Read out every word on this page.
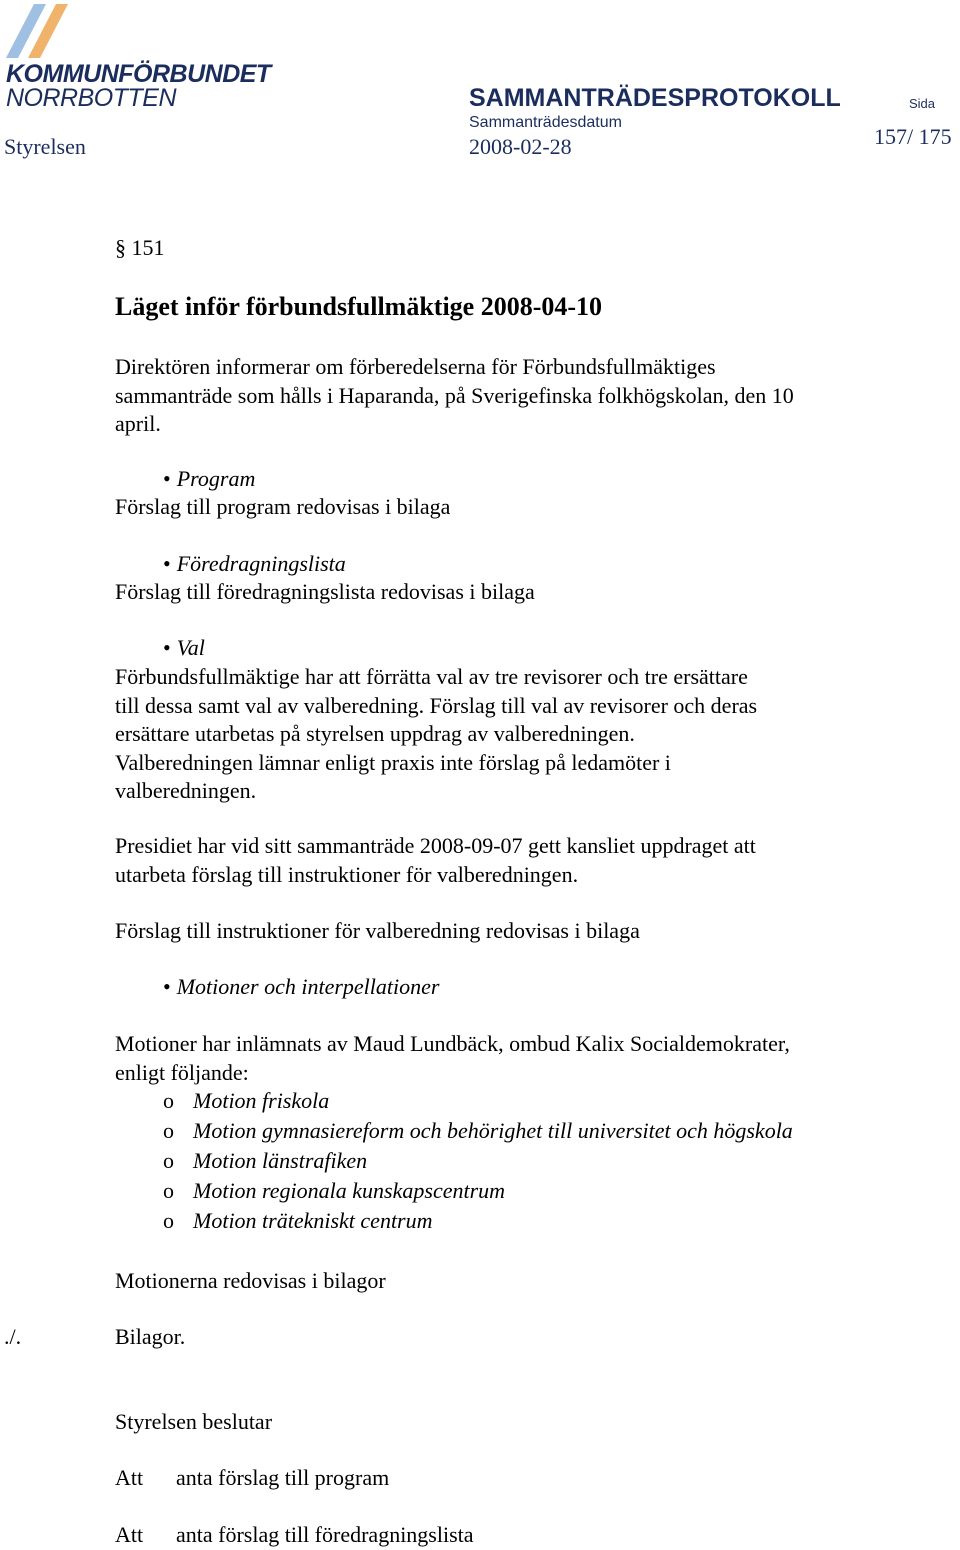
KOMMUNFÖRBUNDET
NORRBOTTEN	SAMMANTRÄDESPROTOKOLL	Sida
Sammanträdesdatum
Styrelsen	2008-02-28	157/ 175
§ 151
Läget inför förbundsfullmäktige 2008-04-10
Direktören informerar om förberedelserna för Förbundsfullmäktiges
sammanträde som hålls i Haparanda, på Sverigefinska folkhögskolan, den 10
april.
• Program
Förslag till program redovisas i bilaga
• Föredragningslista
Förslag till föredragningslista redovisas i bilaga
• Val
Förbundsfullmäktige har att förrätta val av tre revisorer och tre ersättare
till dessa samt val av valberedning. Förslag till val av revisorer och deras
ersättare utarbetas på styrelsen uppdrag av valberedningen.
Valberedningen lämnar enligt praxis inte förslag på ledamöter i
valberedningen.
Presidiet har vid sitt sammanträde 2008-09-07 gett kansliet uppdraget att
utarbeta förslag till instruktioner för valberedningen.
Förslag till instruktioner för valberedning redovisas i bilaga
• Motioner och interpellationer
Motioner har inlämnats av Maud Lundbäck, ombud Kalix Socialdemokrater,
enligt följande:
o Motion friskola
o Motion gymnasiereform och behörighet till universitet och högskola
o Motion länstrafiken
o Motion regionala kunskapscentrum
o Motion trätekniskt centrum
Motionerna redovisas i bilagor
./.	Bilagor.
Styrelsen beslutar
Att anta förslag till program
Att anta förslag till föredragningslista
